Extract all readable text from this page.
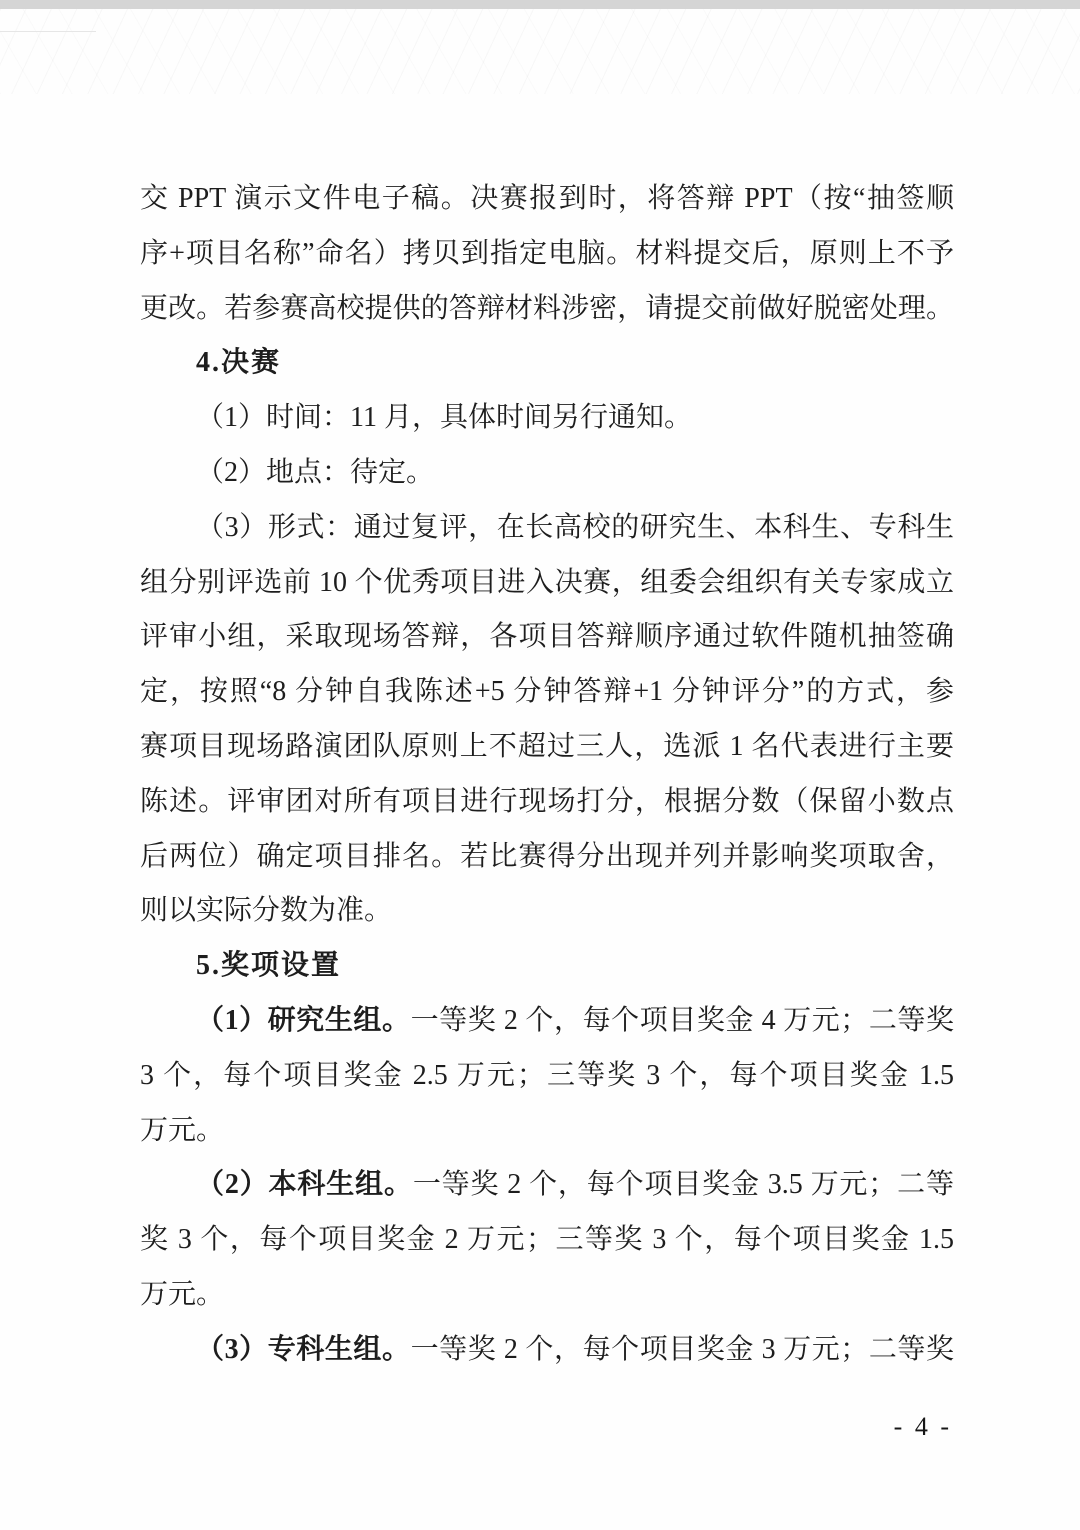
交 PPT 演示文件电子稿。决赛报到时，将答辩 PPT（按“抽签顺
序+项目名称”命名）拷贝到指定电脑。材料提交后，原则上不予
更改。若参赛高校提供的答辩材料涉密，请提交前做好脱密处理。
4.决赛
（1）时间：11 月，具体时间另行通知。
（2）地点：待定。
（3）形式：通过复评，在长高校的研究生、本科生、专科生
组分别评选前 10 个优秀项目进入决赛，组委会组织有关专家成立
评审小组，采取现场答辩，各项目答辩顺序通过软件随机抽签确
定，按照“8 分钟自我陈述+5 分钟答辩+1 分钟评分”的方式，参
赛项目现场路演团队原则上不超过三人，选派 1 名代表进行主要
陈述。评审团对所有项目进行现场打分，根据分数（保留小数点
后两位）确定项目排名。若比赛得分出现并列并影响奖项取舍，
则以实际分数为准。
5.奖项设置
（1）研究生组。一等奖 2 个，每个项目奖金 4 万元；二等奖
3 个，每个项目奖金 2.5 万元；三等奖 3 个，每个项目奖金 1.5
万元。
（2）本科生组。一等奖 2 个，每个项目奖金 3.5 万元；二等
奖 3 个，每个项目奖金 2 万元；三等奖 3 个，每个项目奖金 1.5
万元。
（3）专科生组。一等奖 2 个，每个项目奖金 3 万元；二等奖
- 4 -
